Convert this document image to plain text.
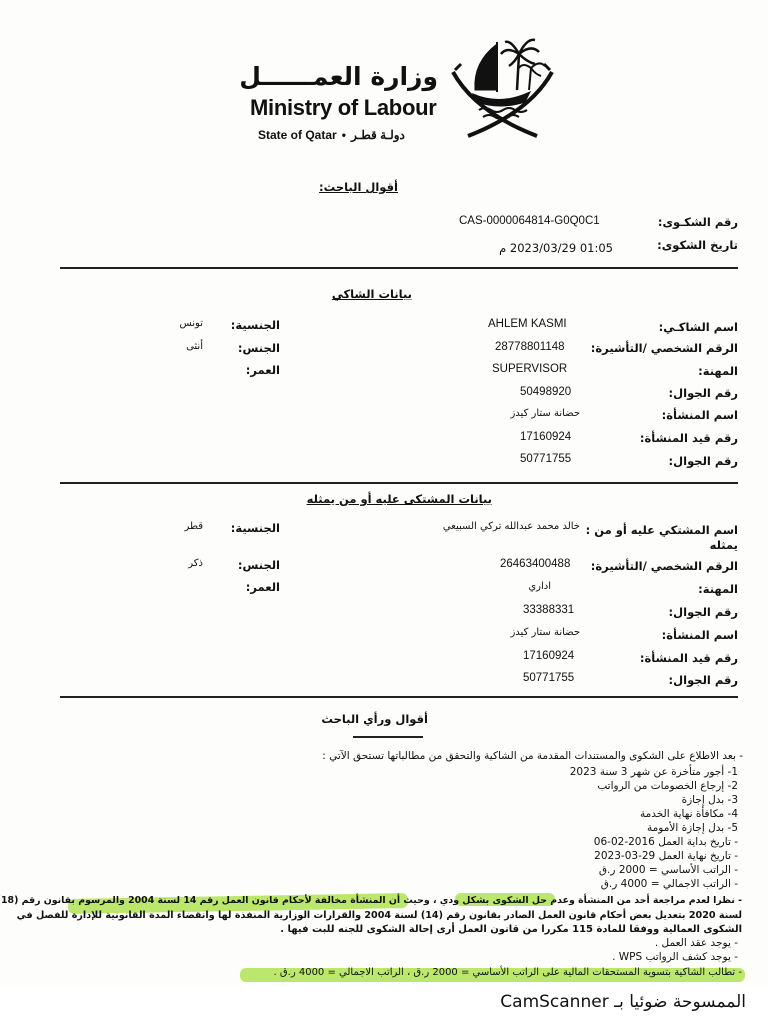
وزارة العمــــــل
Ministry of Labour
State of Qatar • دولـة قطـر
أقوال الباحث:
رقم الشكـوى:
CAS-0000064814-G0Q0C1
تاريخ الشكوى:
01:05 2023/03/29 م
بيانات الشاكي
اسم الشاكـي:
AHLEM KASMI
الرقم الشخصي /التأشيرة:
28778801148
المهنة:
SUPERVISOR
رقم الجوال:
50498920
اسم المنشأة:
حضانة ستار كيدز
رقم قيد المنشأة:
17160924
رقم الجوال:
50771755
الجنسية:
تونس
الجنس:
أنثى
العمر:
بيانات المشتكى عليه أو من يمثله
اسم المشتكي عليه أو من :
يمثله
خالد محمد عبدالله تركي السبيعي
الرقم الشخصي /التأشيرة:
26463400488
المهنة:
اداري
رقم الجوال:
33388331
اسم المنشأة:
حضانة ستار كيدز
رقم قيد المنشأة:
17160924
رقم الجوال:
50771755
الجنسية:
قطر
الجنس:
ذكر
العمر:
أقوال ورأي الباحث
- بعد الاطلاع على الشكوى والمستندات المقدمة من الشاكية والتحقق من مطالباتها تستحق الآتي :
1- أجور متأخرة عن شهر 3 سنة 2023
2- إرجاع الخصومات من الرواتب
3- بدل إجازة
4- مكافأة نهاية الخدمة
5- بدل إجازة الأمومة
- تاريخ بداية العمل 2016-02-06
- تاريخ نهاية العمل 29-03-2023
- الراتب الأساسي = 2000 ر.ق
- الراتب الاجمالي = 4000 ر.ق
- نظرا لعدم مراجعة أحد من المنشأة وعدم حل الشكوى بشكل ودي ، وحيث أن المنشأة مخالفة لأحكام قانون العمل رقم 14 لسنة 2004 والمرسوم بقانون رقم (18
لسنة 2020 بتعديل بعض أحكام قانون العمل الصادر بقانون رقم (14) لسنة 2004 والقرارات الوزارية المنفذة لها وانقضاء المدة القانونية للإدارة للفصل في
الشكوى العمالية ووفقا للمادة 115 مكررا من قانون العمل أرى إحالة الشكوى للجنه للبت فيها .
- يوجد عقد العمل .
- يوجد كشف الرواتب WPS .
- تطالب الشاكية بتسوية المستحقات المالية على الراتب الأساسي = 2000 ر.ق ، الراتب الاجمالي = 4000 ر.ق .
الممسوحة ضوئيا بـ CamScanner
